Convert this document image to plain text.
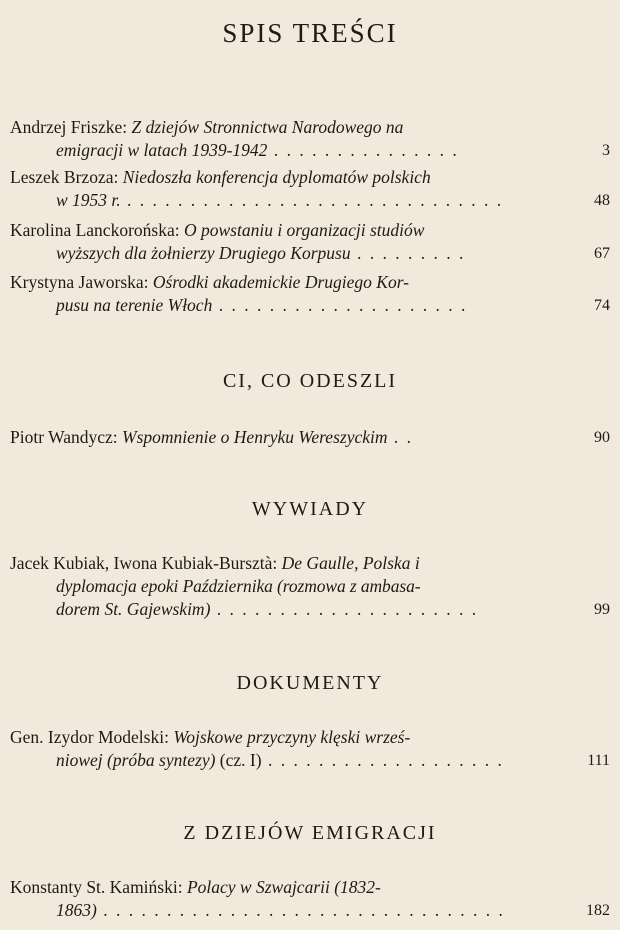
SPIS TREŚCI
Andrzej Friszke: Z dziejów Stronnictwa Narodowego na
emigracji w latach 1939-1942 . . . . . . . . . . . . . . .	3
Leszek Brzoza: Niedoszła konferencja dyplomatów polskich
w 1953 r. . . . . . . . . . . . . . . . . . . . . . . . . . . . . . .	48
Karolina Lanckorońska: O powstaniu i organizacji studiów
wyższych dla żołnierzy Drugiego Korpusu . . . . . . . . .	67
Krystyna Jaworska: Ośrodki akademickie Drugiego Kor-
pusu na terenie Włoch . . . . . . . . . . . . . . . . . . . .	74
CI, CO ODESZLI
Piotr Wandycz: Wspomnienie o Henryku Wereszyckim . .	90
WYWIADY
Jacek Kubiak, Iwona Kubiak-Bursztà: De Gaulle, Polska i
dyplomacja epoki Października (rozmowa z ambasa-
dorem St. Gajewskim) . . . . . . . . . . . . . . . . . . . . .	99
DOKUMENTY
Gen. Izydor Modelski: Wojskowe przyczyny klęski wrześ-
niowej (próba syntezy) (cz. I) . . . . . . . . . . . . . . . . . . .	111
Z DZIEJÓW EMIGRACJI
Konstanty St. Kamiński: Polacy w Szwajcarii (1832-
1863) . . . . . . . . . . . . . . . . . . . . . . . . . . . . . . . .	182
